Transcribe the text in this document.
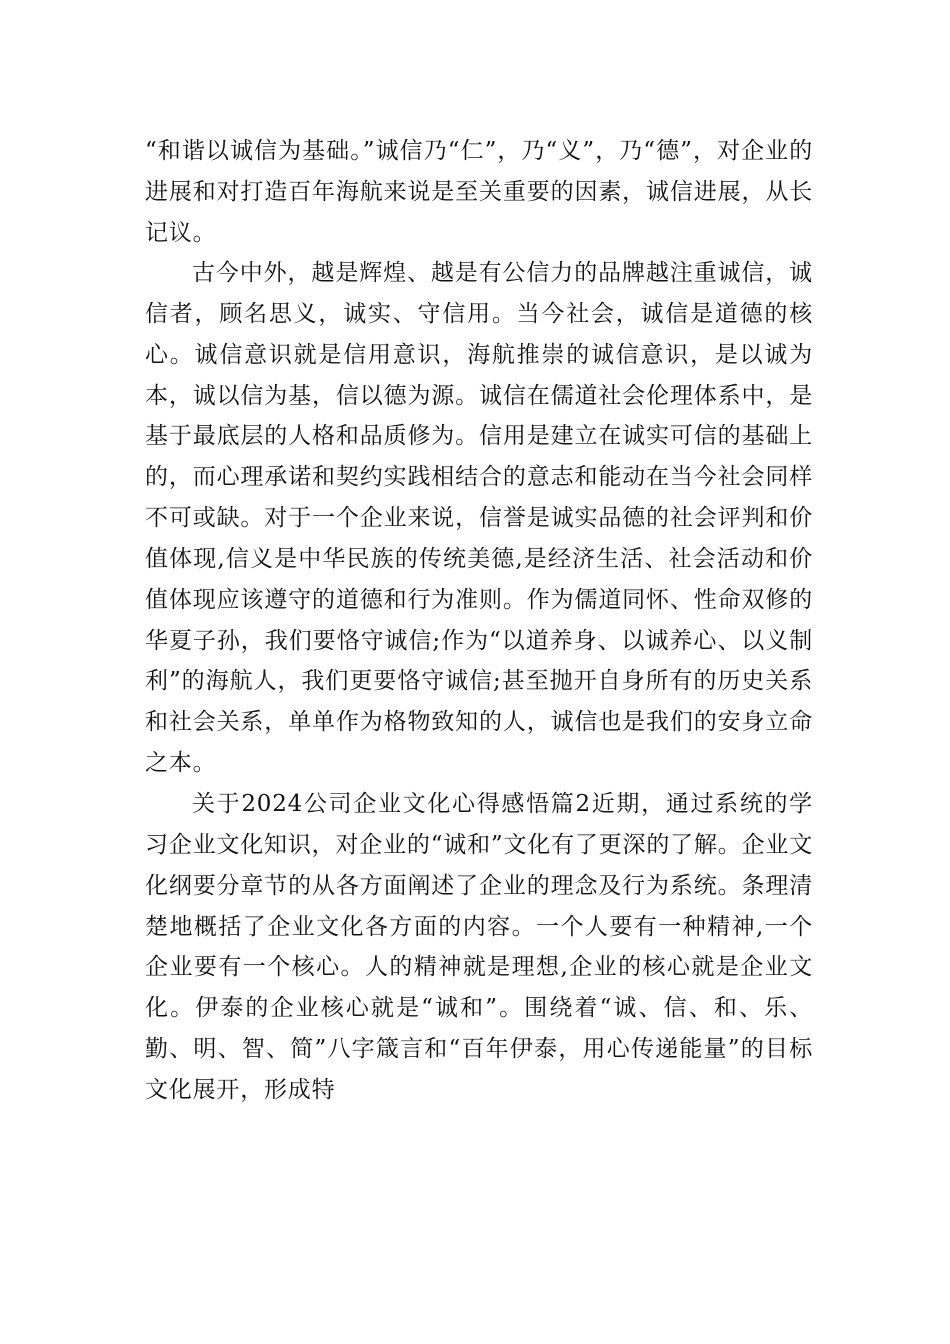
“和谐以诚信为基础。”诚信乃“仁”，乃“义”，乃“德”，对企业的进展和对打造百年海航来说是至关重要的因素，诚信进展，从长记议。

古今中外，越是辉煌、越是有公信力的品牌越注重诚信，诚信者，顾名思义，诚实、守信用。当今社会，诚信是道德的核心。诚信意识就是信用意识，海航推崇的诚信意识，是以诚为本，诚以信为基，信以德为源。诚信在儒道社会伦理体系中，是基于最底层的人格和品质修为。信用是建立在诚实可信的基础上的，而心理承诺和契约实践相结合的意志和能动在当今社会同样不可或缺。对于一个企业来说，信誉是诚实品德的社会评判和价值体现,信义是中华民族的传统美德,是经济生活、社会活动和价值体现应该遵守的道德和行为准则。作为儒道同怀、性命双修的华夏子孙，我们要恪守诚信;作为“以道养身、以诚养心、以义制利”的海航人，我们更要恪守诚信;甚至抛开自身所有的历史关系和社会关系，单单作为格物致知的人，诚信也是我们的安身立命之本。

关于2024公司企业文化心得感悟篇2近期，通过系统的学习企业文化知识，对企业的“诚和”文化有了更深的了解。企业文化纲要分章节的从各方面阐述了企业的理念及行为系统。条理清楚地概括了企业文化各方面的内容。一个人要有一种精神,一个企业要有一个核心。人的精神就是理想,企业的核心就是企业文化。伊泰的企业核心就是“诚和”。围绕着“诚、信、和、乐、勤、明、智、简”八字箴言和“百年伊泰，用心传递能量”的目标文化展开，形成特
